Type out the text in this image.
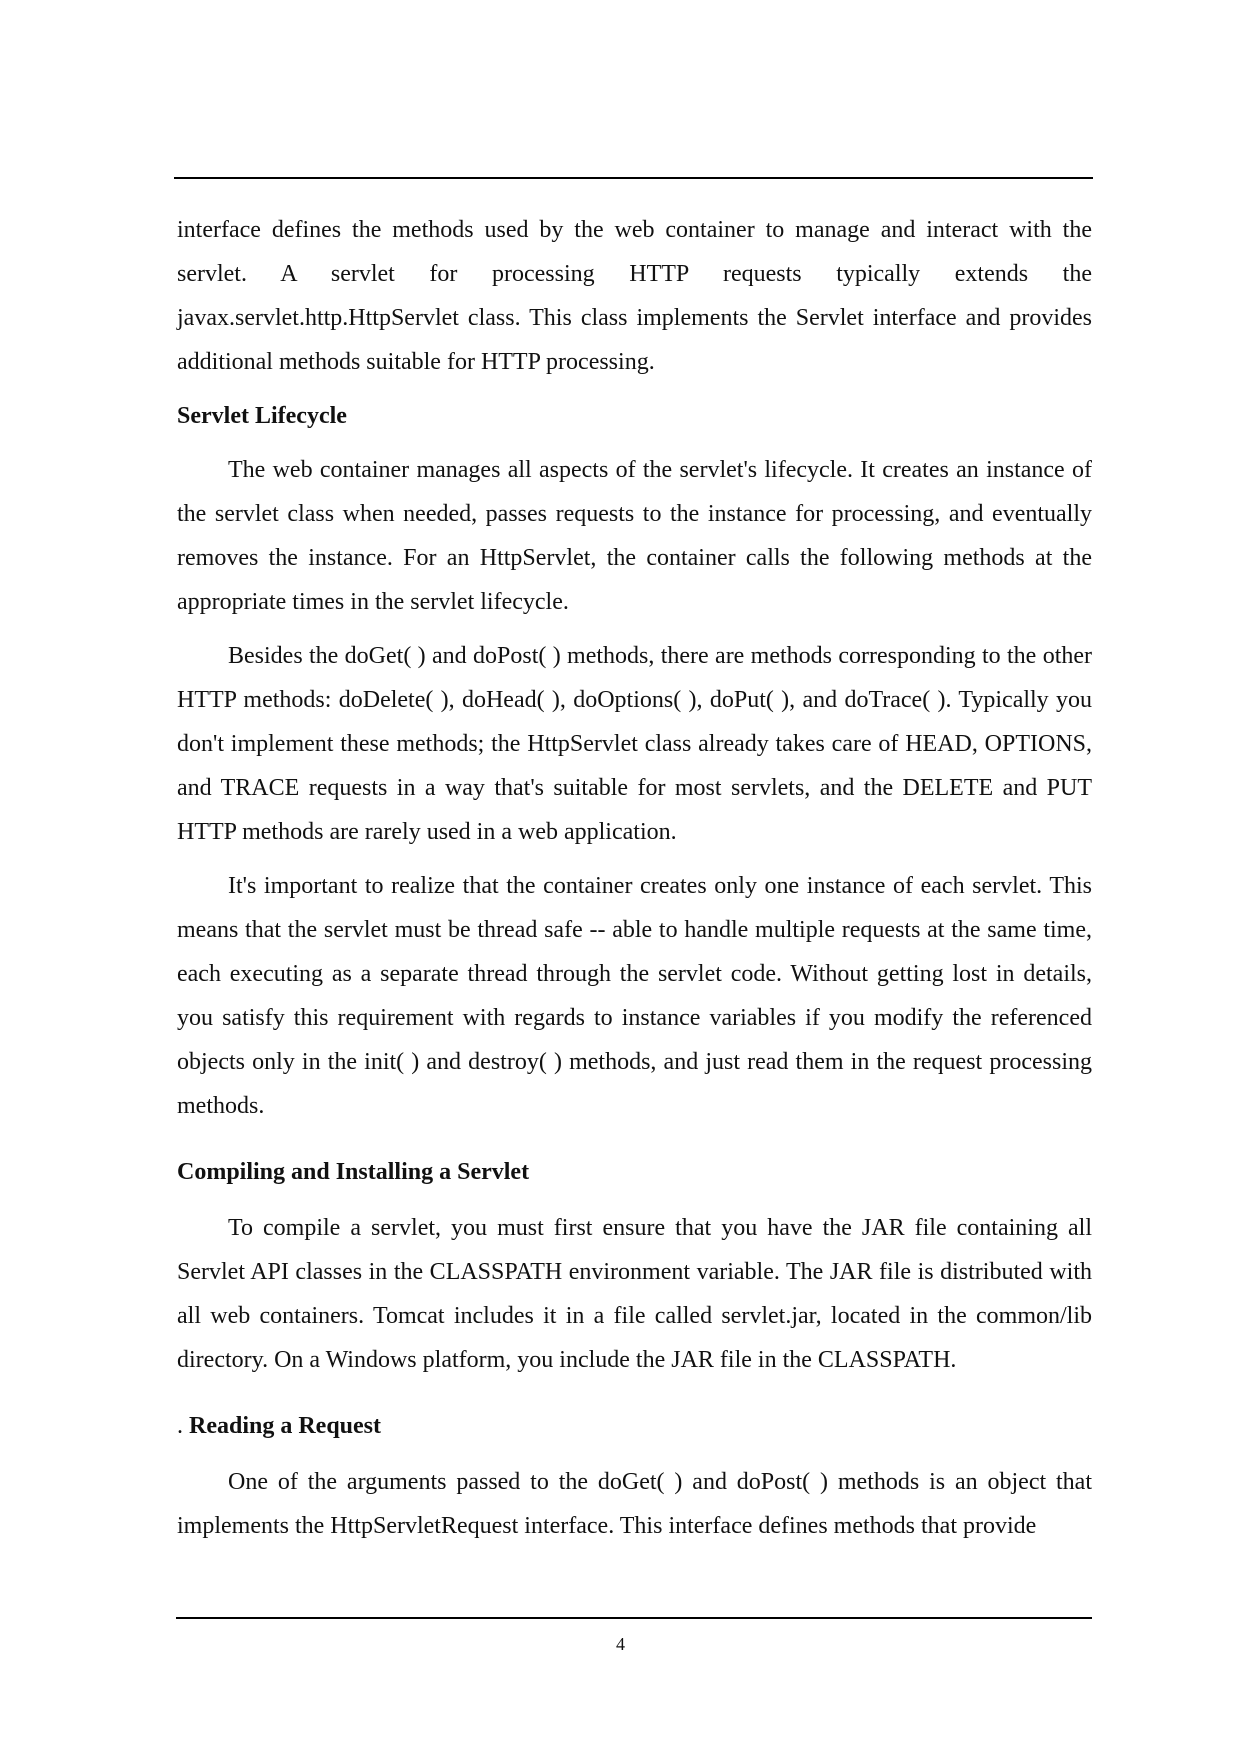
interface defines the methods used by the web container to manage and interact with the servlet. A servlet for processing HTTP requests typically extends the javax.servlet.http.HttpServlet class. This class implements the Servlet interface and provides additional methods suitable for HTTP processing.

Servlet Lifecycle

The web container manages all aspects of the servlet's lifecycle. It creates an instance of the servlet class when needed, passes requests to the instance for processing, and eventually removes the instance. For an HttpServlet, the container calls the following methods at the appropriate times in the servlet lifecycle.

Besides the doGet( ) and doPost( ) methods, there are methods corresponding to the other HTTP methods: doDelete( ), doHead( ), doOptions( ), doPut( ), and doTrace( ). Typically you don't implement these methods; the HttpServlet class already takes care of HEAD, OPTIONS, and TRACE requests in a way that's suitable for most servlets, and the DELETE and PUT HTTP methods are rarely used in a web application.

It's important to realize that the container creates only one instance of each servlet. This means that the servlet must be thread safe -- able to handle multiple requests at the same time, each executing as a separate thread through the servlet code. Without getting lost in details, you satisfy this requirement with regards to instance variables if you modify the referenced objects only in the init( ) and destroy( ) methods, and just read them in the request processing methods.

Compiling and Installing a Servlet

To compile a servlet, you must first ensure that you have the JAR file containing all Servlet API classes in the CLASSPATH environment variable. The JAR file is distributed with all web containers. Tomcat includes it in a file called servlet.jar, located in the common/lib directory. On a Windows platform, you include the JAR file in the CLASSPATH.

. Reading a Request

One of the arguments passed to the doGet( ) and doPost( ) methods is an object that implements the HttpServletRequest interface. This interface defines methods that provide

4
